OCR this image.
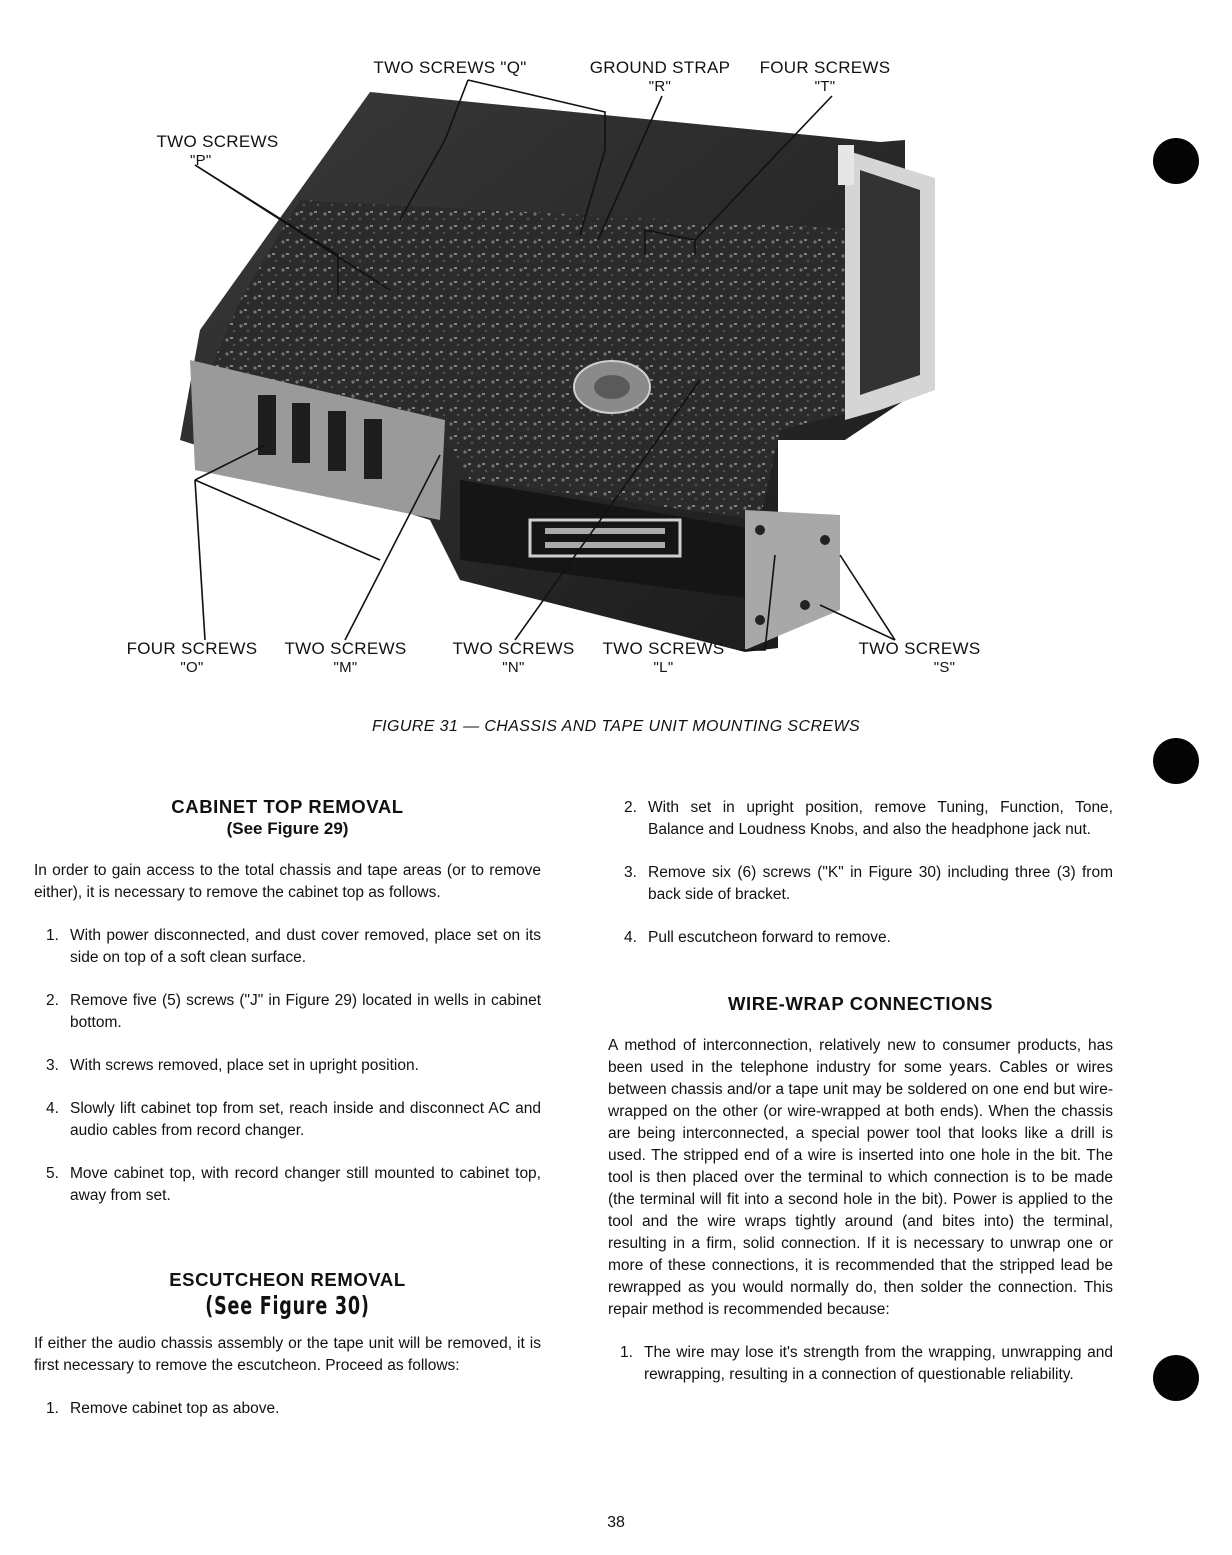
TWO SCREWS "Q"	GROUND STRAP
"R"
FOUR SCREWS
"T"
TWO SCREWS
"P"
FOUR SCREWS
"O"
TWO SCREWS
"M"
TWO SCREWS
"N"
TWO SCREWS
"L"
TWO SCREWS
"S"
FIGURE 31 — CHASSIS AND TAPE UNIT MOUNTING SCREWS
CABINET TOP REMOVAL
(See Figure 29)

In order to gain access to the total chassis and tape areas (or to remove either), it is necessary to remove the cabinet top as follows.

1. With power disconnected, and dust cover removed, place set on its side on top of a soft clean surface.
2. Remove five (5) screws ("J" in Figure 29) located in wells in cabinet bottom.
3. With screws removed, place set in upright position.
4. Slowly lift cabinet top from set, reach inside and disconnect AC and audio cables from record changer.
5. Move cabinet top, with record changer still mounted to cabinet top, away from set.
ESCUTCHEON REMOVAL
(See Figure 30)

If either the audio chassis assembly or the tape unit will be removed, it is first necessary to remove the escutcheon. Proceed as follows:

1. Remove cabinet top as above.
2. With set in upright position, remove Tuning, Function, Tone, Balance and Loudness Knobs, and also the headphone jack nut.
3. Remove six (6) screws ("K" in Figure 30) including three (3) from back side of bracket.
4. Pull escutcheon forward to remove.
WIRE-WRAP CONNECTIONS

A method of interconnection, relatively new to consumer products, has been used in the telephone industry for some years. Cables or wires between chassis and/or a tape unit may be soldered on one end but wire-wrapped on the other (or wire-wrapped at both ends). When the chassis are being interconnected, a special power tool that looks like a drill is used. The stripped end of a wire is inserted into one hole in the bit. The tool is then placed over the terminal to which connection is to be made (the terminal will fit into a second hole in the bit). Power is applied to the tool and the wire wraps tightly around (and bites into) the terminal, resulting in a firm, solid connection. If it is necessary to unwrap one or more of these connections, it is recommended that the stripped lead be rewrapped as you would normally do, then solder the connection. This repair method is recommended because:

1. The wire may lose it's strength from the wrapping, unwrapping and rewrapping, resulting in a connection of questionable reliability.
38
